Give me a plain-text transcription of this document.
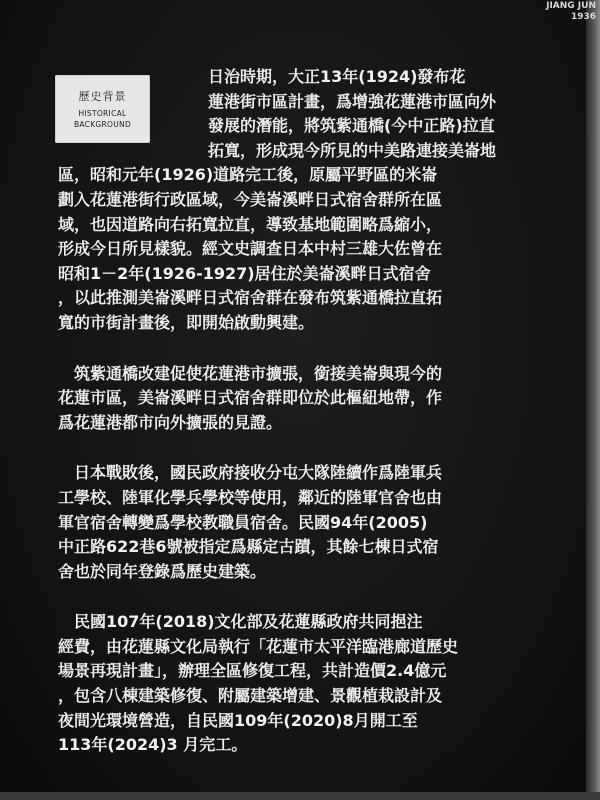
JIANG JUN
1936
歷史背景
HISTORICAL
BACKGROUND
日治時期，大正13年(1924)發布花
蓮港街市區計畫，爲增強花蓮港市區向外
發展的潛能，將筑紫通橋(今中正路)拉直
拓寬，形成現今所見的中美路連接美崙地
區，昭和元年(1926)道路完工後，原屬平野區的米崙
劃入花蓮港街行政區域，今美崙溪畔日式宿舍群所在區
域，也因道路向右拓寬拉直，導致基地範圍略爲縮小，
形成今日所見樣貌。經文史調查日本中村三雄大佐曾在
昭和1－2年(1926-1927)居住於美崙溪畔日式宿舍
，以此推測美崙溪畔日式宿舍群在發布筑紫通橋拉直拓
寬的市街計畫後，即開始啟動興建。
　筑紫通橋改建促使花蓮港市擴張，銜接美崙與現今的
花蓮市區，美崙溪畔日式宿舍群即位於此樞紐地帶，作
爲花蓮港都市向外擴張的見證。
　日本戰敗後，國民政府接收分屯大隊陸續作爲陸軍兵
工學校、陸軍化學兵學校等使用，鄰近的陸軍官舍也由
軍官宿舍轉變爲學校教職員宿舍。民國94年(2005)
中正路622巷6號被指定爲縣定古蹟，其餘七棟日式宿
舍也於同年登錄爲歷史建築。
　民國107年(2018)文化部及花蓮縣政府共同挹注
經費，由花蓮縣文化局執行「花蓮市太平洋臨港廊道歷史
場景再現計畫」，辦理全區修復工程，共計造價2.4億元
，包含八棟建築修復、附屬建築增建、景觀植栽設計及
夜間光環境營造，自民國109年(2020)8月開工至
113年(2024)3 月完工。
